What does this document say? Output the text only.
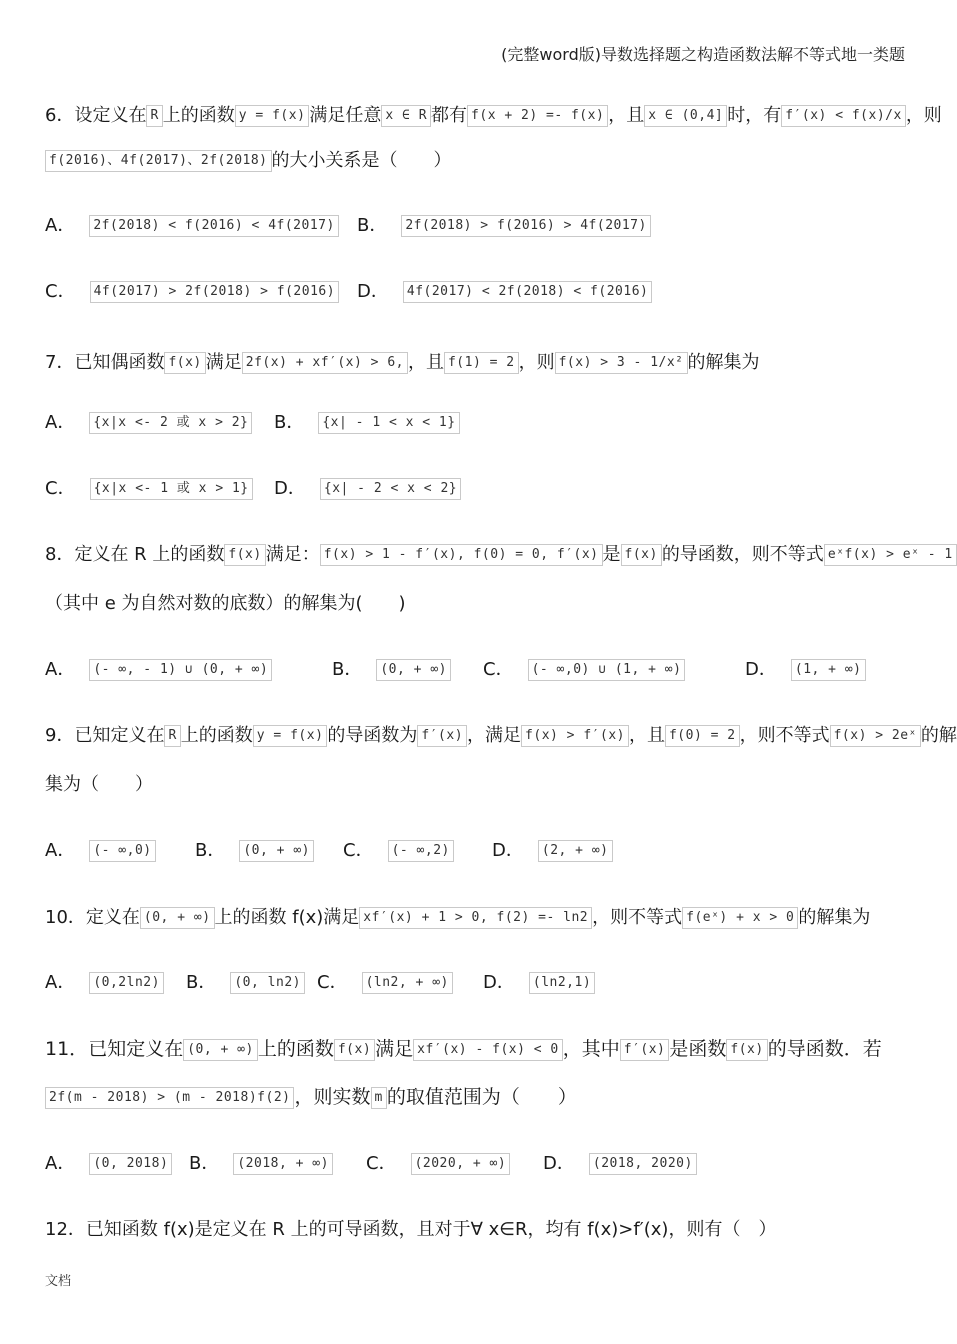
(完整word版)导数选择题之构造函数法解不等式地一类题
6．设定义在 R 上的函数 y = f(x) 满足任意 x ∈ R 都有 f(x + 2) =- f(x) ，且 x ∈ (0,4] 时，有 f′(x) < f(x)/x ，则
f(2016)、4f(2017)、2f(2018) 的大小关系是（　　）
A． 2f(2018) < f(2016) < 4f(2017) B． 2f(2018) > f(2016) > 4f(2017)
C． 4f(2017) > 2f(2018) > f(2016) D． 4f(2017) < 2f(2018) < f(2016)
7．已知偶函数 f(x) 满足 2f(x) + xf′(x) > 6, ，且 f(1) = 2 ，则 f(x) > 3 - 1/x² 的解集为
A． {x|x <- 2 或 x > 2} B． {x| - 1 < x < 1}
C． {x|x <- 1 或 x > 1} D． {x| - 2 < x < 2}
8．定义在 R 上的函数 f(x) 满足： f(x) > 1 - f′(x), f(0) = 0, f′(x) 是 f(x) 的导函数，则不等式 eˣf(x) > eˣ - 1
（其中 e 为自然对数的底数）的解集为(　　)
A． (- ∞, - 1) ∪ (0, + ∞)	B． (0, + ∞) C． (- ∞,0) ∪ (1, + ∞)	D． (1, + ∞)
9．已知定义在 R 上的函数 y = f(x) 的导函数为 f′(x) ，满足 f(x) > f′(x) ，且 f(0) = 2 ，则不等式 f(x) > 2eˣ 的解
集为（　　）
A． (- ∞,0) B． (0, + ∞) C． (- ∞,2) D． (2, + ∞)
10．定义在 (0, + ∞) 上的函数 f(x)满足 xf′(x) + 1 > 0, f(2) =- ln2 ，则不等式 f(eˣ) + x > 0 的解集为
A． (0,2ln2) B． (0, ln2) C． (ln2, + ∞) D． (ln2,1)
11．已知定义在 (0, + ∞) 上的函数 f(x) 满足 xf′(x) - f(x) < 0 ，其中 f′(x) 是函数 f(x) 的导函数．若
2f(m - 2018) > (m - 2018)f(2) ，则实数 m 的取值范围为（　　）
A． (0, 2018) B． (2018, + ∞) C． (2020, + ∞) D． (2018, 2020)
12．已知函数 f(x)是定义在 R 上的可导函数，且对于∀ x∈R，均有 f(x)>f′(x)，则有（　）
文档
